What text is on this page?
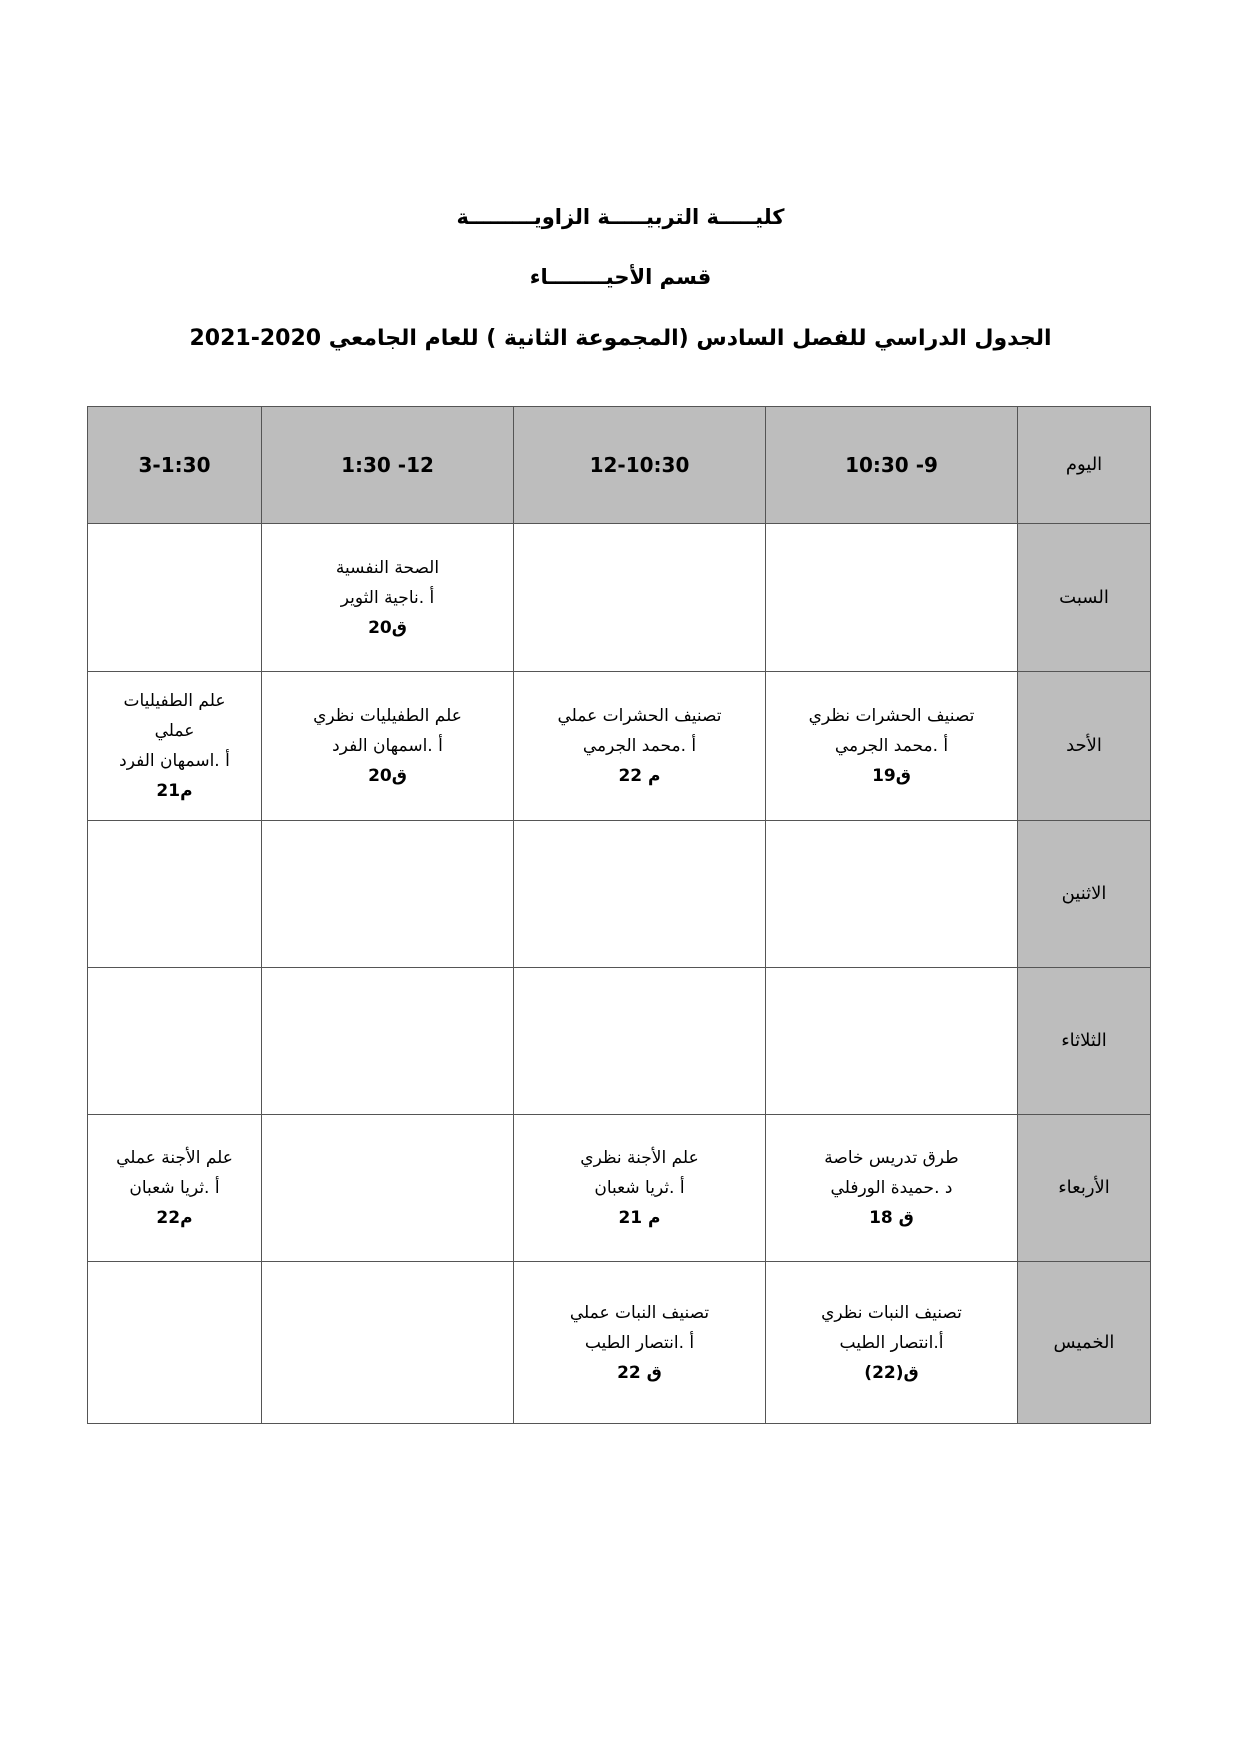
كليـــــة التربيـــــة الزاويـــــــــة
قسم الأحيــــــــاء
الجدول الدراسي للفصل السادس (المجموعة الثانية ) للعام الجامعي 2020-2021
اليوم	9- 10:30	12-10:30	12- 1:30	3-1:30
السبت			الصحة النفسية
أ .ناجية الثوير
ق20	

الأحد	تصنيف الحشرات نظري
أ .محمد الجرمي
ق19	تصنيف الحشرات عملي
أ .محمد الجرمي
م 22	علم الطفيليات نظري
أ .اسمهان الفرد
ق20	علم الطفيليات
عملي
أ .اسمهان الفرد
م21

الاثنين				
الثلاثاء				
الأربعاء	طرق تدريس خاصة
د .حميدة الورفلي
ق 18	علم الأجنة نظري
أ .ثريا شعبان
م 21		علم الأجنة عملي
أ .ثريا شعبان
م22

الخميس	تصنيف النبات نظري
أ.انتصار الطيب
ق(22)	تصنيف النبات عملي
أ .انتصار الطيب
ق 22		
